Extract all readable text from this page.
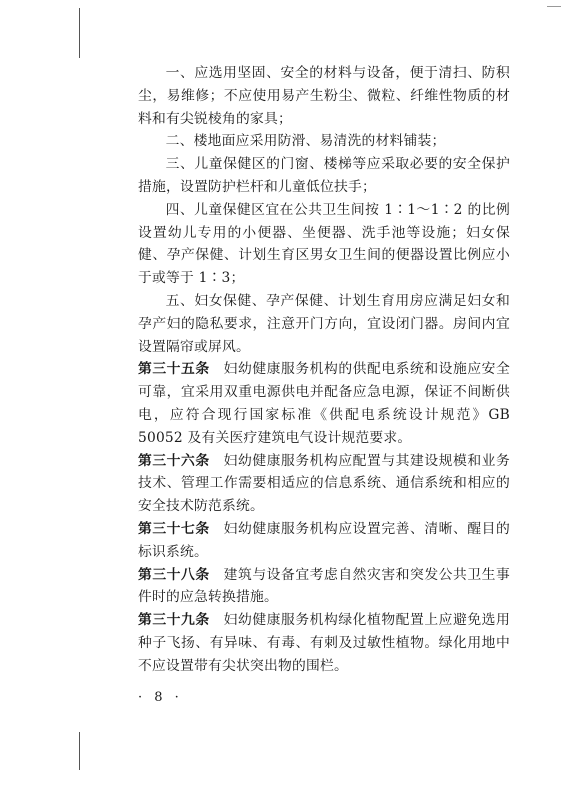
一、应选用坚固、安全的材料与设备，便于清扫、防积尘，易维修；不应使用易产生粉尘、微粒、纤维性物质的材料和有尖锐棱角的家具；

二、楼地面应采用防滑、易清洗的材料铺装；

三、儿童保健区的门窗、楼梯等应采取必要的安全保护措施，设置防护栏杆和儿童低位扶手；

四、儿童保健区宜在公共卫生间按 1∶1～1∶2 的比例设置幼儿专用的小便器、坐便器、洗手池等设施；妇女保健、孕产保健、计划生育区男女卫生间的便器设置比例应小于或等于 1∶3；

五、妇女保健、孕产保健、计划生育用房应满足妇女和孕产妇的隐私要求，注意开门方向，宜设闭门器。房间内宜设置隔帘或屏风。

第三十五条 妇幼健康服务机构的供配电系统和设施应安全可靠，宜采用双重电源供电并配备应急电源，保证不间断供电，应符合现行国家标准《供配电系统设计规范》GB 50052 及有关医疗建筑电气设计规范要求。

第三十六条 妇幼健康服务机构应配置与其建设规模和业务技术、管理工作需要相适应的信息系统、通信系统和相应的安全技术防范系统。

第三十七条 妇幼健康服务机构应设置完善、清晰、醒目的标识系统。

第三十八条 建筑与设备宜考虑自然灾害和突发公共卫生事件时的应急转换措施。

第三十九条 妇幼健康服务机构绿化植物配置上应避免选用种子飞扬、有异味、有毒、有刺及过敏性植物。绿化用地中不应设置带有尖状突出物的围栏。

· 8 ·
